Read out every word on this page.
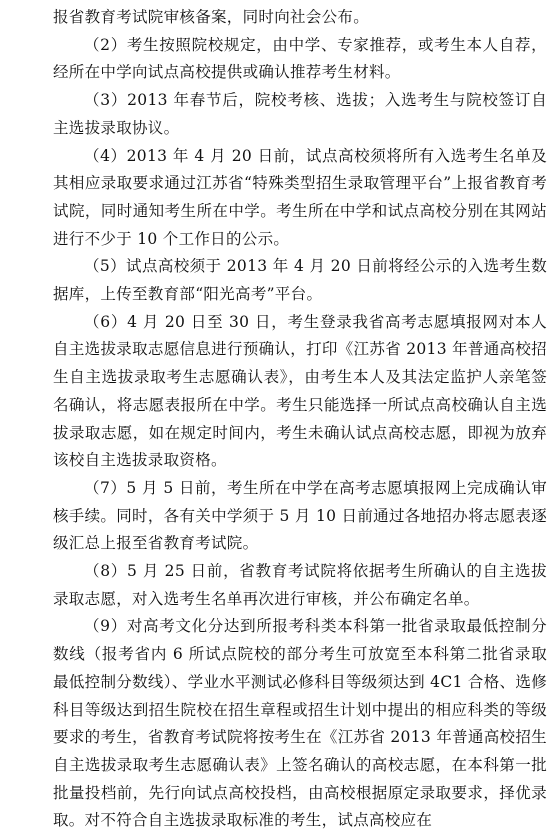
报省教育考试院审核备案，同时向社会公布。

（2）考生按照院校规定，由中学、专家推荐，或考生本人自荐，经所在中学向试点高校提供或确认推荐考生材料。

（3）2013 年春节后，院校考核、选拔；入选考生与院校签订自主选拔录取协议。

（4）2013 年 4 月 20 日前，试点高校须将所有入选考生名单及其相应录取要求通过江苏省“特殊类型招生录取管理平台”上报省教育考试院，同时通知考生所在中学。考生所在中学和试点高校分别在其网站进行不少于 10 个工作日的公示。

（5）试点高校须于 2013 年 4 月 20 日前将经公示的入选考生数据库，上传至教育部“阳光高考”平台。

（6）4 月 20 日至 30 日，考生登录我省高考志愿填报网对本人自主选拔录取志愿信息进行预确认，打印《江苏省 2013 年普通高校招生自主选拔录取考生志愿确认表》，由考生本人及其法定监护人亲笔签名确认，将志愿表报所在中学。考生只能选择一所试点高校确认自主选拔录取志愿，如在规定时间内，考生未确认试点高校志愿，即视为放弃该校自主选拔录取资格。

（7）5 月 5 日前，考生所在中学在高考志愿填报网上完成确认审核手续。同时，各有关中学须于 5 月 10 日前通过各地招办将志愿表逐级汇总上报至省教育考试院。

（8）5 月 25 日前，省教育考试院将依据考生所确认的自主选拔录取志愿，对入选考生名单再次进行审核，并公布确定名单。

（9）对高考文化分达到所报考科类本科第一批省录取最低控制分数线（报考省内 6 所试点院校的部分考生可放宽至本科第二批省录取最低控制分数线）、学业水平测试必修科目等级须达到 4C1 合格、选修科目等级达到招生院校在招生章程或招生计划中提出的相应科类的等级要求的考生，省教育考试院将按考生在《江苏省 2013 年普通高校招生自主选拔录取考生志愿确认表》上签名确认的高校志愿，在本科第一批批量投档前，先行向试点高校投档，由高校根据原定录取要求，择优录取。对不符合自主选拔录取标准的考生，试点高校应在
